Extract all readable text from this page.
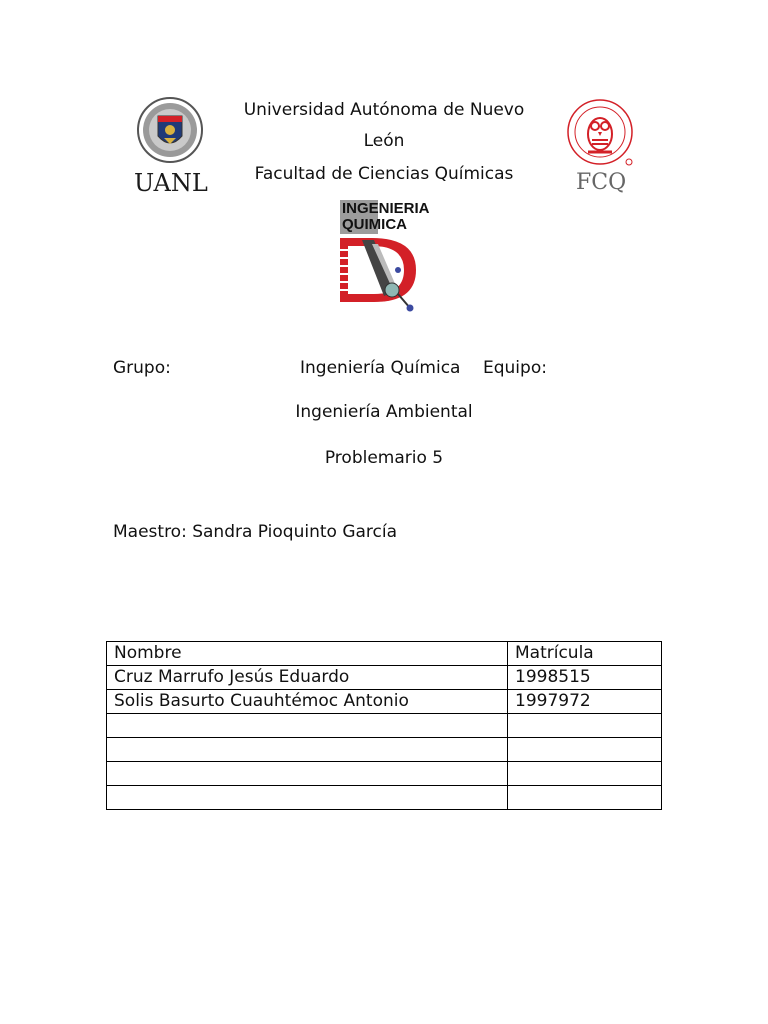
UANL
Universidad Autónoma de Nuevo
León
Facultad de Ciencias Químicas	FCQ
INGENIERIA
QUIMICA
Grupo:	Ingeniería Química Equipo:
Ingeniería Ambiental
Problemario 5
Maestro: Sandra Pioquinto García
Nombre	Matrícula
Cruz Marrufo Jesús Eduardo	1998515
Solis Basurto Cuauhtémoc Antonio	1997972
